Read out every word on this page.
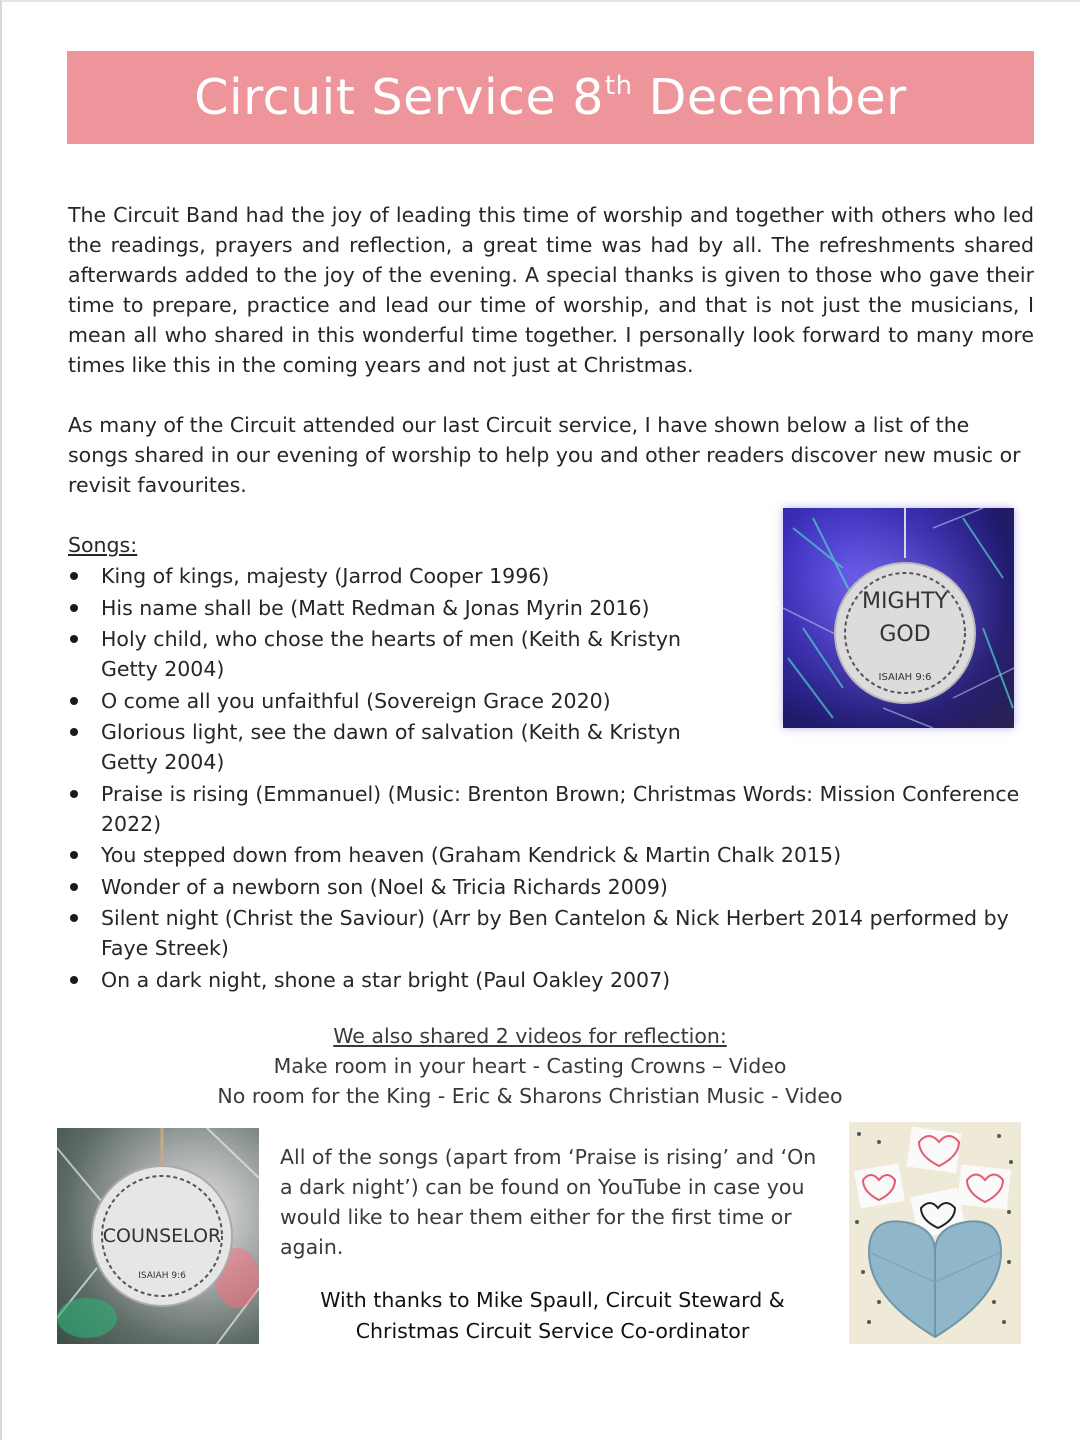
Circuit Service 8th December
The Circuit Band had the joy of leading this time of worship and together with others who led the readings, prayers and reflection, a great time was had by all. The refreshments shared afterwards added to the joy of the evening. A special thanks is given to those who gave their time to prepare, practice and lead our time of worship, and that is not just the musicians, I mean all who shared in this wonderful time together. I personally look forward to many more times like this in the coming years and not just at Christmas.
As many of the Circuit attended our last Circuit service, I have shown below a list of the songs shared in our evening of worship to help you and other readers discover new music or revisit favourites.
Songs:
King of kings, majesty (Jarrod Cooper 1996)
His name shall be (Matt Redman & Jonas Myrin 2016)
Holy child, who chose the hearts of men (Keith & Kristyn Getty 2004)
O come all you unfaithful (Sovereign Grace 2020)
Glorious light, see the dawn of salvation (Keith & Kristyn Getty 2004)
Praise is rising (Emmanuel) (Music: Brenton Brown; Christmas Words: Mission Conference 2022)
You stepped down from heaven (Graham Kendrick & Martin Chalk 2015)
Wonder of a newborn son (Noel & Tricia Richards 2009)
Silent night (Christ the Saviour) (Arr by Ben Cantelon & Nick Herbert 2014 performed by Faye Streek)
On a dark night, shone a star bright (Paul Oakley 2007)
MIGHTY
GOD
ISAIAH 9:6
We also shared 2 videos for reflection:
Make room in your heart - Casting Crowns – Video
No room for the King - Eric & Sharons Christian Music - Video
COUNSELOR
ISAIAH 9:6
All of the songs (apart from ‘Praise is rising’ and ‘On a dark night’) can be found on YouTube in case you would like to hear them either for the first time or again.
With thanks to Mike Spaull, Circuit Steward &
Christmas Circuit Service Co-ordinator
